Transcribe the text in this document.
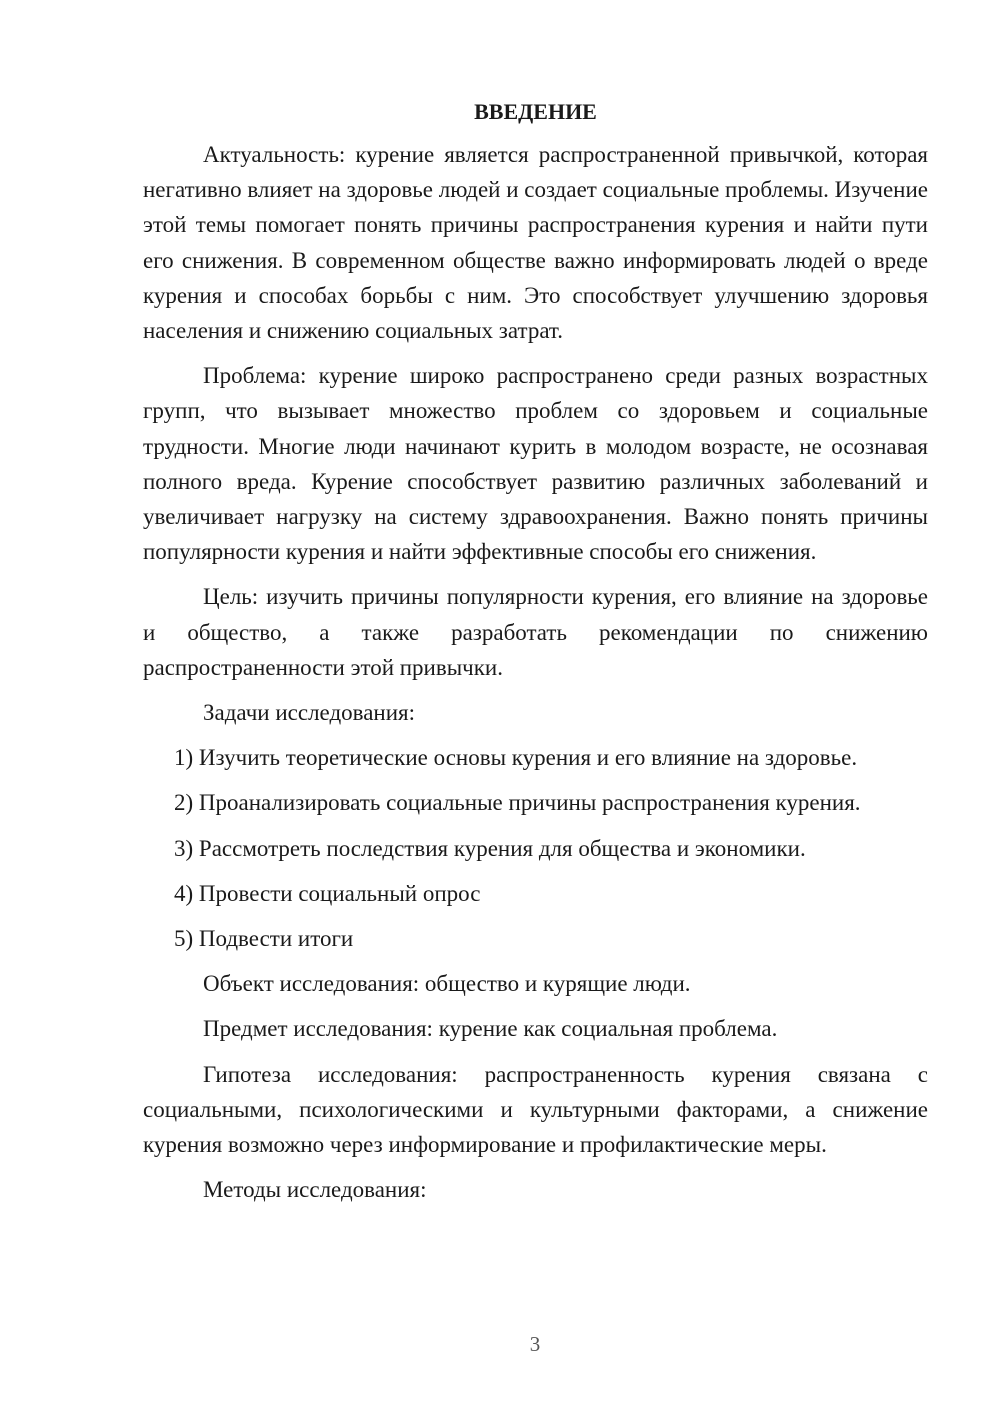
ВВЕДЕНИЕ

Актуальность: курение является распространенной привычкой, которая негативно влияет на здоровье людей и создает социальные проблемы. Изучение этой темы помогает понять причины распространения курения и найти пути его снижения. В современном обществе важно информировать людей о вреде курения и способах борьбы с ним. Это способствует улучшению здоровья населения и снижению социальных затрат.

Проблема: курение широко распространено среди разных возрастных групп, что вызывает множество проблем со здоровьем и социальные трудности. Многие люди начинают курить в молодом возрасте, не осознавая полного вреда. Курение способствует развитию различных заболеваний и увеличивает нагрузку на систему здравоохранения. Важно понять причины популярности курения и найти эффективные способы его снижения.

Цель: изучить причины популярности курения, его влияние на здоровье и общество, а также разработать рекомендации по снижению распространенности этой привычки.

Задачи исследования:

1) Изучить теоретические основы курения и его влияние на здоровье.

2) Проанализировать социальные причины распространения курения.

3) Рассмотреть последствия курения для общества и экономики.

4) Провести социальный опрос

5) Подвести итоги

Объект исследования: общество и курящие люди.

Предмет исследования: курение как социальная проблема.

Гипотеза исследования: распространенность курения связана с социальными, психологическими и культурными факторами, а снижение курения возможно через информирование и профилактические меры.

Методы исследования:

3
